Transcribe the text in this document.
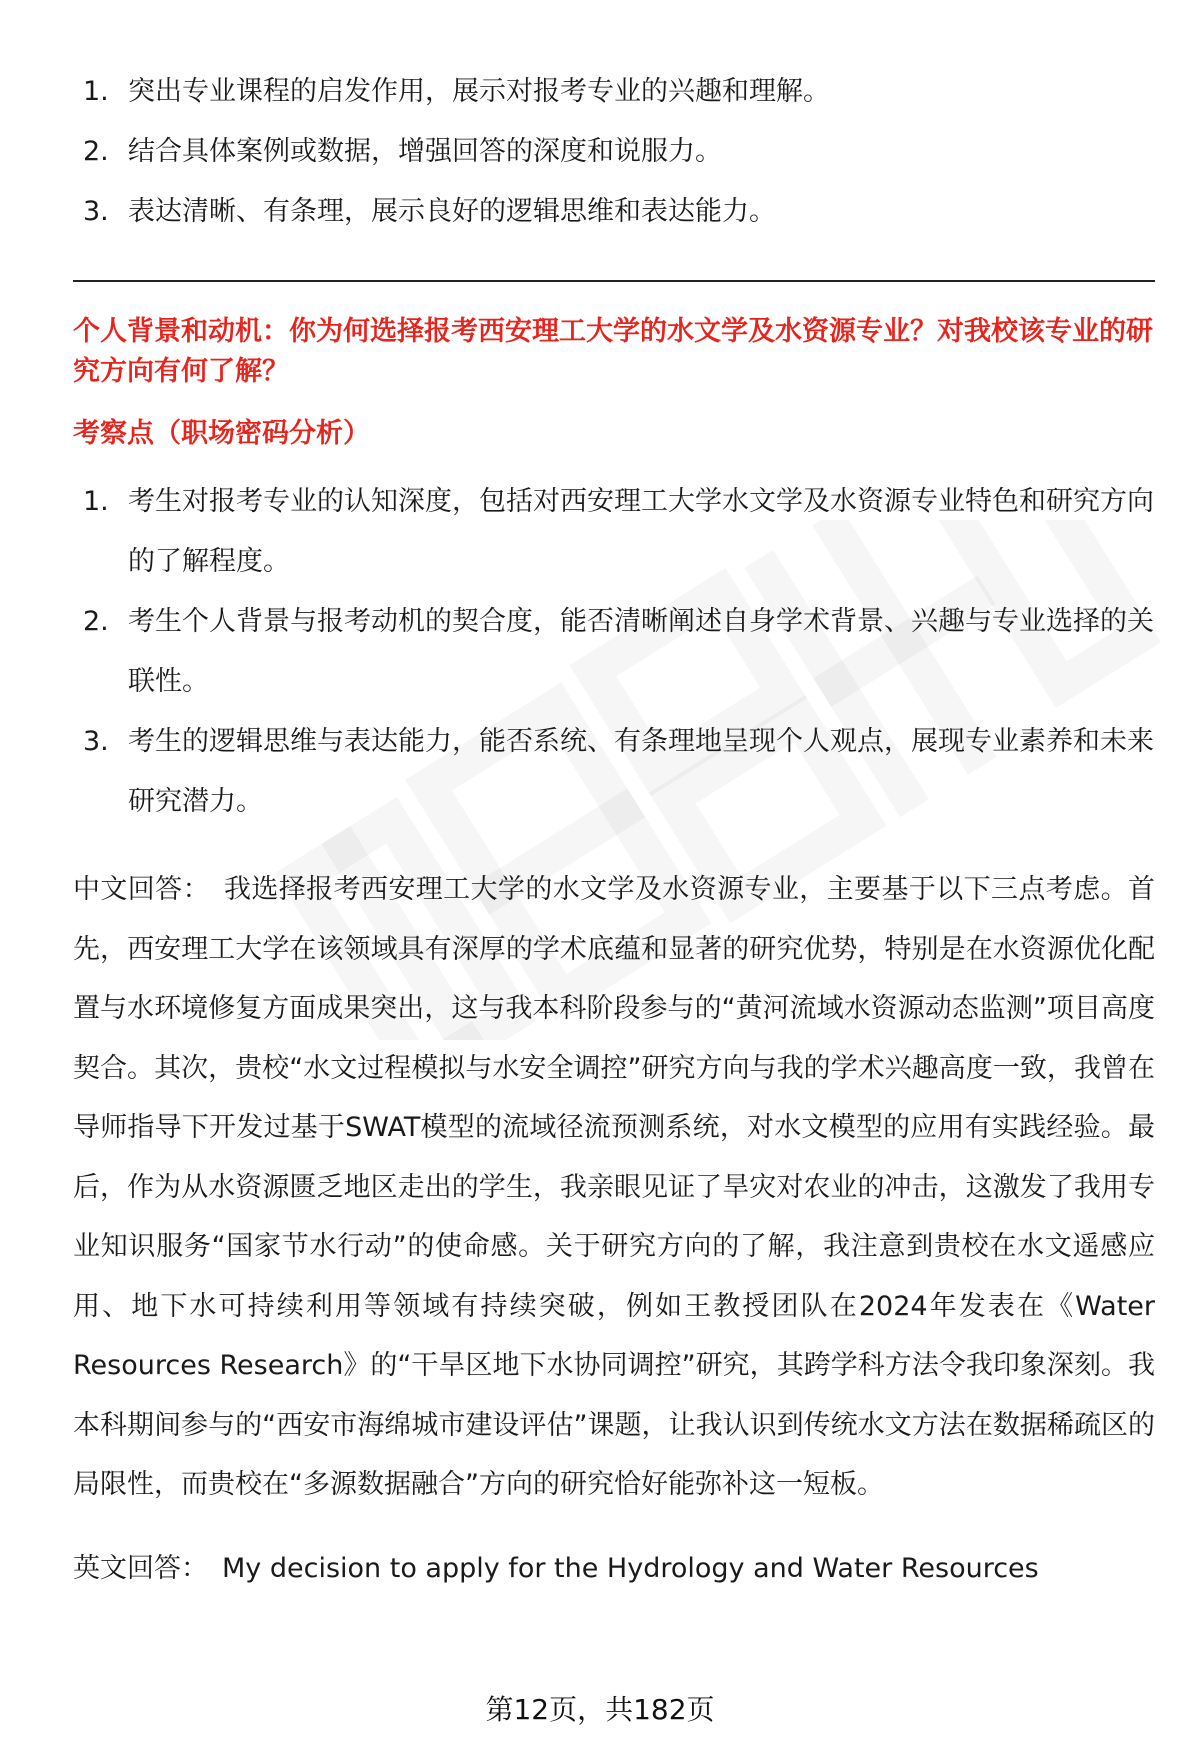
1. 突出专业课程的启发作用，展示对报考专业的兴趣和理解。
2. 结合具体案例或数据，增强回答的深度和说服力。
3. 表达清晰、有条理，展示良好的逻辑思维和表达能力。
个人背景和动机：你为何选择报考西安理工大学的水文学及水资源专业？对我校该专业的研究方向有何了解？
考察点（职场密码分析）
1. 考生对报考专业的认知深度，包括对西安理工大学水文学及水资源专业特色和研究方向的了解程度。
2. 考生个人背景与报考动机的契合度，能否清晰阐述自身学术背景、兴趣与专业选择的关联性。
3. 考生的逻辑思维与表达能力，能否系统、有条理地呈现个人观点，展现专业素养和未来研究潜力。
中文回答： 我选择报考西安理工大学的水文学及水资源专业，主要基于以下三点考虑。首先，西安理工大学在该领域具有深厚的学术底蕴和显著的研究优势，特别是在水资源优化配置与水环境修复方面成果突出，这与我本科阶段参与的“黄河流域水资源动态监测”项目高度契合。其次，贵校“水文过程模拟与水安全调控”研究方向与我的学术兴趣高度一致，我曾在导师指导下开发过基于SWAT模型的流域径流预测系统，对水文模型的应用有实践经验。最后，作为从水资源匮乏地区走出的学生，我亲眼见证了旱灾对农业的冲击，这激发了我用专业知识服务“国家节水行动”的使命感。关于研究方向的了解，我注意到贵校在水文遥感应用、地下水可持续利用等领域有持续突破，例如王教授团队在2024年发表在《Water Resources Research》的“干旱区地下水协同调控”研究，其跨学科方法令我印象深刻。我本科期间参与的“西安市海绵城市建设评估”课题，让我认识到传统水文方法在数据稀疏区的局限性，而贵校在“多源数据融合”方向的研究恰好能弥补这一短板。
英文回答： My decision to apply for the Hydrology and Water Resources
第12页，共182页
